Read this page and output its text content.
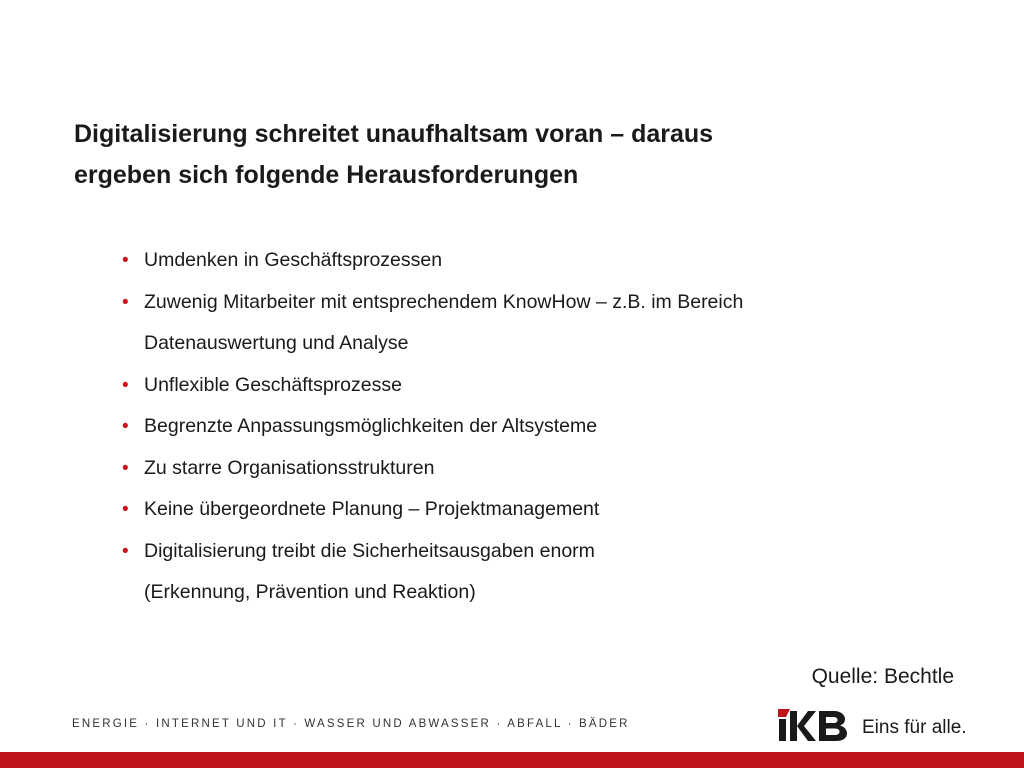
Digitalisierung schreitet unaufhaltsam voran – daraus
ergeben sich folgende Herausforderungen
• Umdenken in Geschäftsprozessen
• Zuwenig Mitarbeiter mit entsprechendem KnowHow – z.B. im Bereich
Datenauswertung und Analyse
• Unflexible Geschäftsprozesse
• Begrenzte Anpassungsmöglichkeiten der Altsysteme
• Zu starre Organisationsstrukturen
• Keine übergeordnete Planung – Projektmanagement
• Digitalisierung treibt die Sicherheitsausgaben enorm
(Erkennung, Prävention und Reaktion)
Quelle: Bechtle
ENERGIE · INTERNET UND IT · WASSER UND ABWASSER · ABFALL · BÄDER	Eins für alle.
